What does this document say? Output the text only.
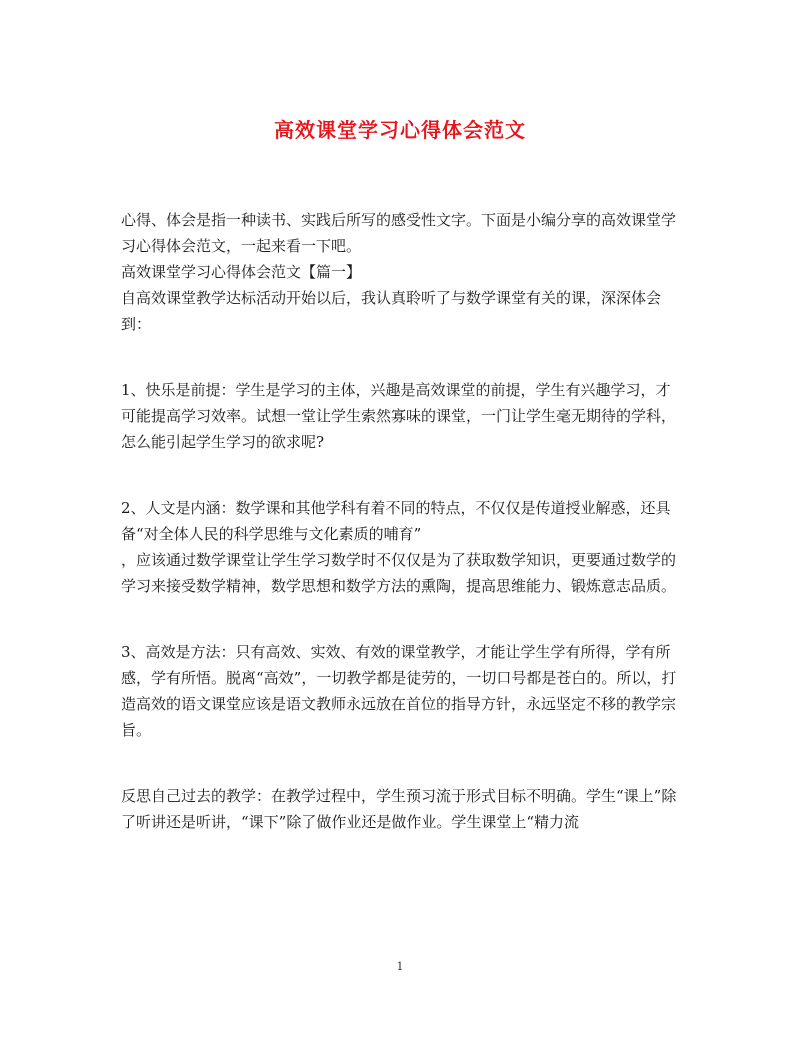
高效课堂学习心得体会范文

心得、体会是指一种读书、实践后所写的感受性文字。下面是小编分享的高效课堂学习心得体会范文，一起来看一下吧。

高效课堂学习心得体会范文【篇一】

自高效课堂教学达标活动开始以后，我认真聆听了与数学课堂有关的课，深深体会到：

1、快乐是前提：学生是学习的主体，兴趣是高效课堂的前提，学生有兴趣学习，才可能提高学习效率。试想一堂让学生索然寡味的课堂，一门让学生毫无期待的学科，怎么能引起学生学习的欲求呢?

2、人文是内涵：数学课和其他学科有着不同的特点，不仅仅是传道授业解惑，还具备“对全体人民的科学思维与文化素质的哺育”

，应该通过数学课堂让学生学习数学时不仅仅是为了获取数学知识，更要通过数学的学习来接受数学精神，数学思想和数学方法的熏陶，提高思维能力、锻炼意志品质。

3、高效是方法：只有高效、实效、有效的课堂教学，才能让学生学有所得，学有所感，学有所悟。脱离“高效”，一切教学都是徒劳的，一切口号都是苍白的。所以，打造高效的语文课堂应该是语文教师永远放在首位的指导方针，永远坚定不移的教学宗旨。

反思自己过去的教学：在教学过程中，学生预习流于形式目标不明确。学生“课上”除了听讲还是听讲，“课下”除了做作业还是做作业。学生课堂上“精力流

1
